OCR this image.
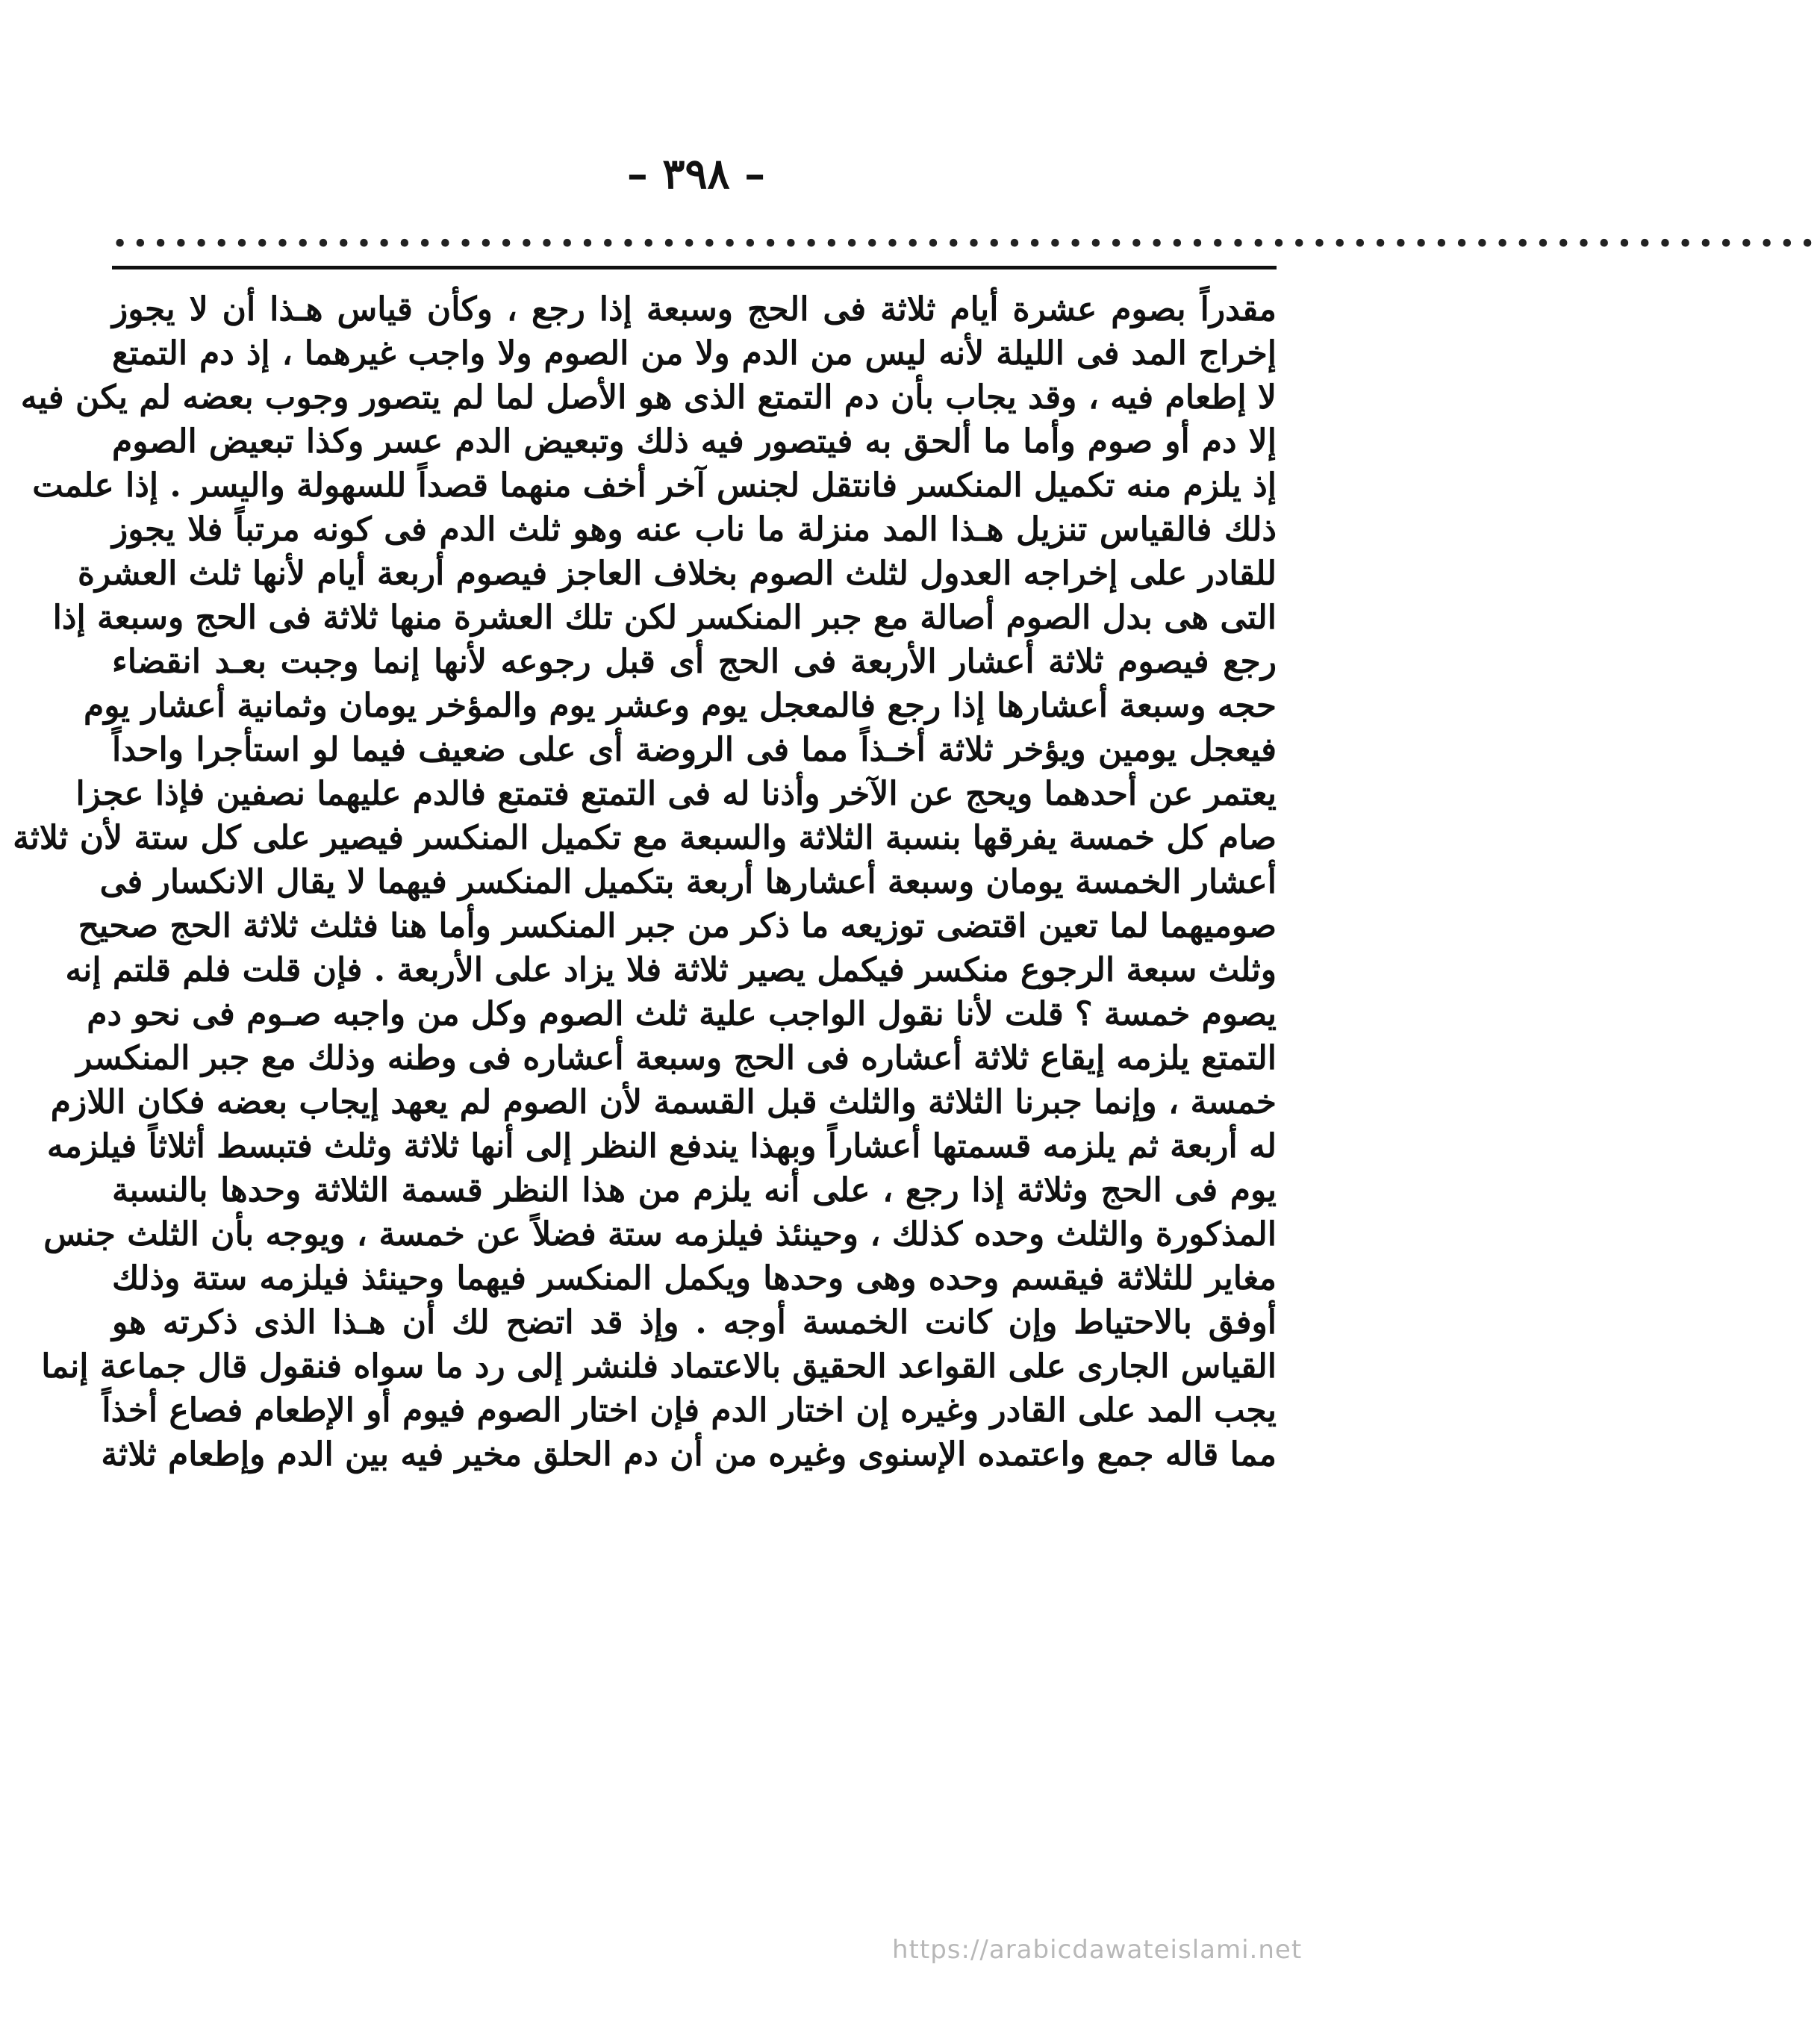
– ٣٩٨ –
••••••••••••••••••••••••••••••••••••••••••••••••••••••••••••••••••••••••••••••••••••
مقدراً بصوم عشرة أيام ثلاثة فى الحج وسبعة إذا رجع ، وكأن قياس هـذا أن لا يجوز
إخراج المد فى الليلة لأنه ليس من الدم ولا من الصوم ولا واجب غيرهما ، إذ دم التمتع
لا إطعام فيه ، وقد يجاب بأن دم التمتع الذى هو الأصل لما لم يتصور وجوب بعضه لم يكن فيه
إلا دم أو صوم وأما ما ألحق به فيتصور فيه ذلك وتبعيض الدم عسر وكذا تبعيض الصوم
إذ يلزم منه تكميل المنكسر فانتقل لجنس آخر أخف منهما قصداً للسهولة واليسر . إذا علمت
ذلك فالقياس تنزيل هـذا المد منزلة ما ناب عنه وهو ثلث الدم فى كونه مرتباً فلا يجوز
للقادر على إخراجه العدول لثلث الصوم بخلاف العاجز فيصوم أربعة أيام لأنها ثلث العشرة
التى هى بدل الصوم أصالة مع جبر المنكسر لكن تلك العشرة منها ثلاثة فى الحج وسبعة إذا
رجع فيصوم ثلاثة أعشار الأربعة فى الحج أى قبل رجوعه لأنها إنما وجبت بعـد انقضاء
حجه وسبعة أعشارها إذا رجع فالمعجل يوم وعشر يوم والمؤخر يومان وثمانية أعشار يوم
فيعجل يومين ويؤخر ثلاثة أخـذاً مما فى الروضة أى على ضعيف فيما لو استأجرا واحداً
يعتمر عن أحدهما ويحج عن الآخر وأذنا له فى التمتع فتمتع فالدم عليهما نصفين فإذا عجزا
صام كل خمسة يفرقها بنسبة الثلاثة والسبعة مع تكميل المنكسر فيصير على كل ستة لأن ثلاثة
أعشار الخمسة يومان وسبعة أعشارها أربعة بتكميل المنكسر فيهما لا يقال الانكسار فى
صوميهما لما تعين اقتضى توزيعه ما ذكر من جبر المنكسر وأما هنا فثلث ثلاثة الحج صحيح
وثلث سبعة الرجوع منكسر فيكمل يصير ثلاثة فلا يزاد على الأربعة . فإن قلت فلم قلتم إنه
يصوم خمسة ؟ قلت لأنا نقول الواجب علية ثلث الصوم وكل من واجبه صـوم فى نحو دم
التمتع يلزمه إيقاع ثلاثة أعشاره فى الحج وسبعة أعشاره فى وطنه وذلك مع جبر المنكسر
خمسة ، وإنما جبرنا الثلاثة والثلث قبل القسمة لأن الصوم لم يعهد إيجاب بعضه فكان اللازم
له أربعة ثم يلزمه قسمتها أعشاراً وبهذا يندفع النظر إلى أنها ثلاثة وثلث فتبسط أثلاثاً فيلزمه
يوم فى الحج وثلاثة إذا رجع ، على أنه يلزم من هذا النظر قسمة الثلاثة وحدها بالنسبة
المذكورة والثلث وحده كذلك ، وحينئذ فيلزمه ستة فضلاً عن خمسة ، ويوجه بأن الثلث جنس
مغاير للثلاثة فيقسم وحده وهى وحدها ويكمل المنكسر فيهما وحينئذ فيلزمه ستة وذلك
أوفق بالاحتياط وإن كانت الخمسة أوجه . وإذ قد اتضح لك أن هـذا الذى ذكرته هو
القياس الجارى على القواعد الحقيق بالاعتماد فلنشر إلى رد ما سواه فنقول قال جماعة إنما
يجب المد على القادر وغيره إن اختار الدم فإن اختار الصوم فيوم أو الإطعام فصاع أخذاً
مما قاله جمع واعتمده الإسنوى وغيره من أن دم الحلق مخير فيه بين الدم وإطعام ثلاثة
https://arabicdawateislami.net
